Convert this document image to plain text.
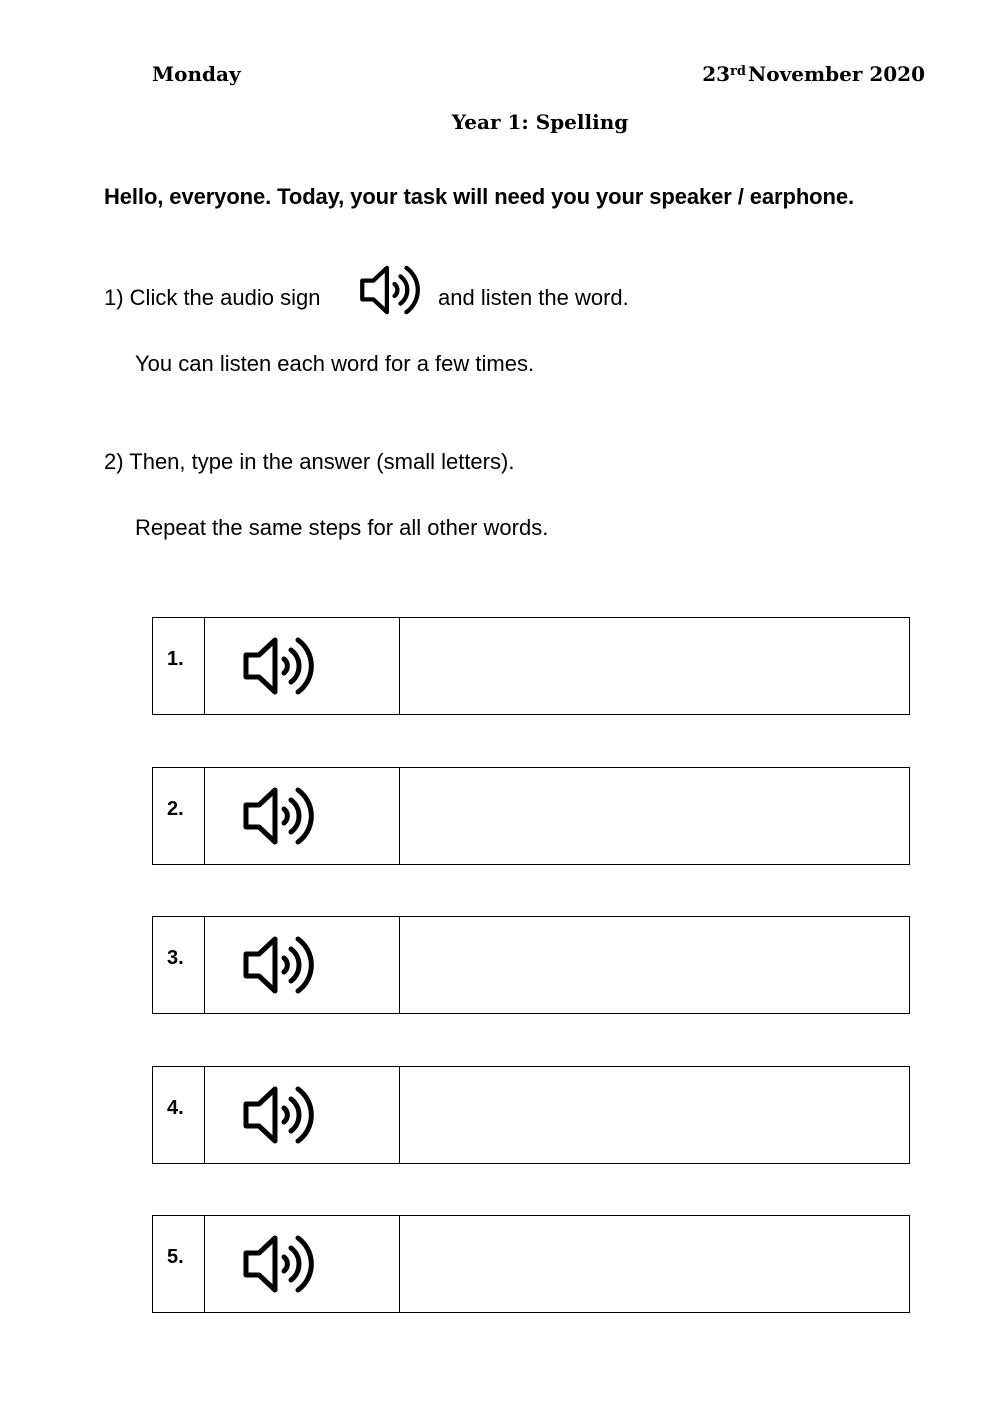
Monday	23rd November 2020
Year 1: Spelling
Hello, everyone. Today, your task will need you your speaker / earphone.
1) Click the audio sign	and listen the word.
You can listen each word for a few times.
2) Then, type in the answer (small letters).
Repeat the same steps for all other words.
1.
2.
3.
4.
5.
